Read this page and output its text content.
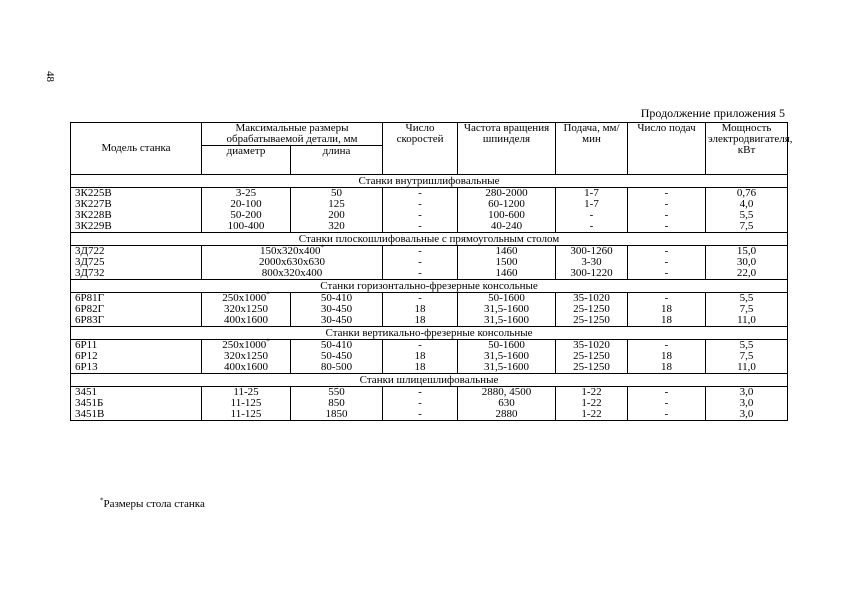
48
Продолжение приложения 5
Модель станка	Максимальные размеры обрабатываемой детали, мм		Число скоростей	Частота вращения шпинделя	Подача, мм/мин	Число подач	Мощность электродвигателя, кВт
	диаметр	длина					
Станки внутришлифовальные							
3К225В	3-25	50	-	280-2000	1-7	-	0,76
3К227В	20-100	125	-	60-1200	1-7	-	4,0
3К228В	50-200	200	-	100-600	-	-	5,5
3К229В	100-400	320	-	40-240	-	-	7,5
Станки плоскошлифовальные с прямоугольным столом							
3Д722	150x320x400*		-	1460	300-1260	-	15,0
3Д725	2000x630x630		-	1500	3-30	-	30,0
3Д732	800x320x400		-	1460	300-1220	-	22,0
Станки горизонтально-фрезерные консольные							
6Р81Г	250x1000*	50-410	-	50-1600	35-1020	-	5,5
6Р82Г	320x1250	30-450	18	31,5-1600	25-1250	18	7,5
6Р83Г	400x1600	30-450	18	31,5-1600	25-1250	18	11,0
Станки вертикально-фрезерные консольные							
6Р11	250x1000*	50-410	-	50-1600	35-1020	-	5,5
6Р12	320x1250	50-450	18	31,5-1600	25-1250	18	7,5
6Р13	400x1600	80-500	18	31,5-1600	25-1250	18	11,0
Станки шлицешлифовальные							
3451	11-25	550	-	2880, 4500	1-22	-	3,0
3451Б	11-125	850	-	630	1-22	-	3,0
3451В	11-125	1850	-	2880	1-22	-	3,0
*Размеры стола станка
